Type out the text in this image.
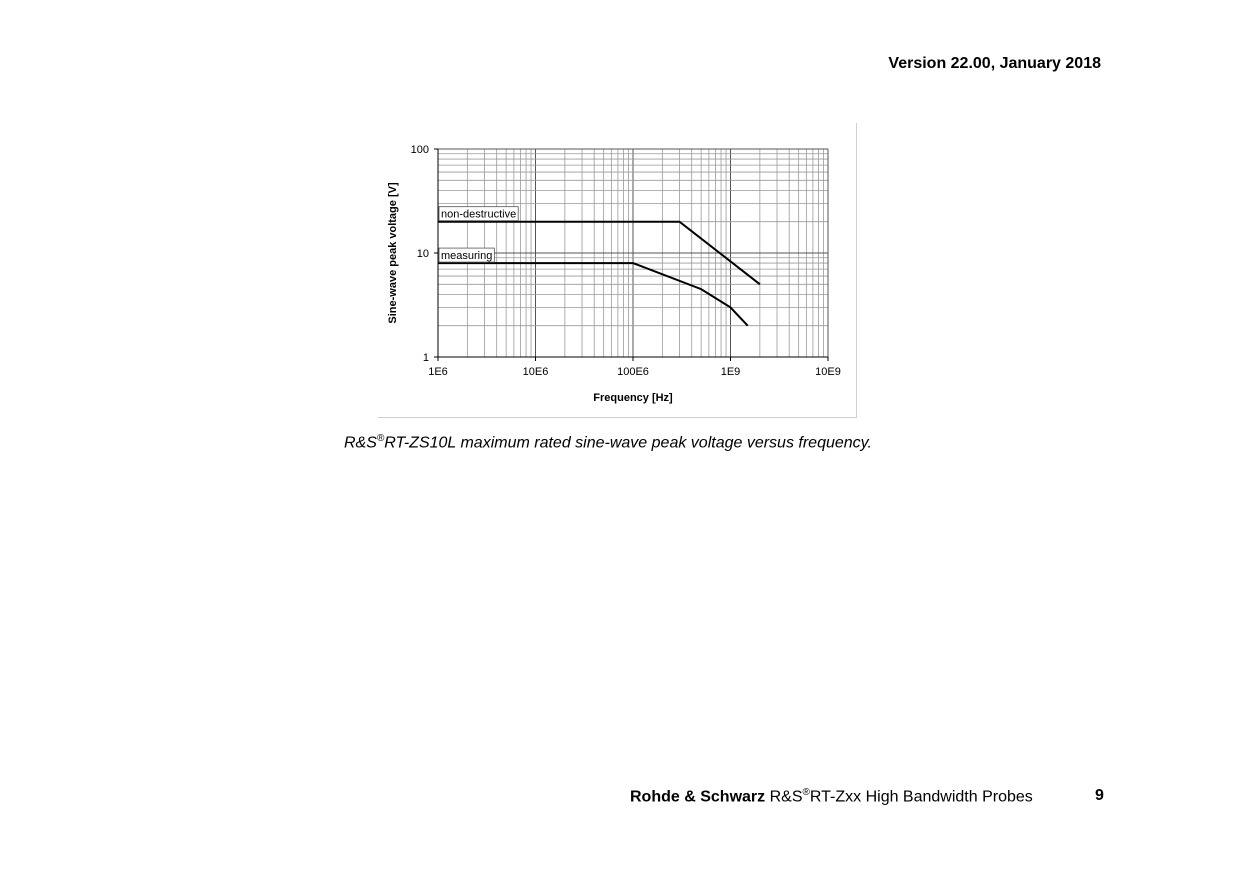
Version 22.00, January 2018
1E6	10E6	100E6	1E9	10E9
1
10
100
Frequency [Hz]
Sine-wave peak voltage [V]	non-destructive
measuring
R&S®RT-ZS10L maximum rated sine-wave peak voltage versus frequency.
Rohde & Schwarz R&S®RT-Zxx High Bandwidth Probes	9
